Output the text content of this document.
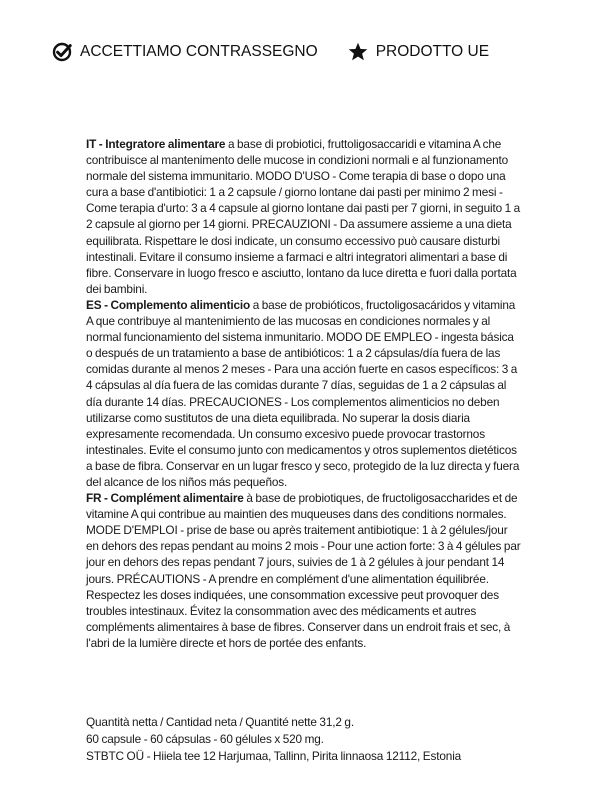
ACCETTIAMO CONTRASSEGNO	PRODOTTO UE

IT - Integratore alimentare a base di probiotici, fruttoligosaccaridi e vitamina A che contribuisce al mantenimento delle mucose in condizioni normali e al funzionamento normale del sistema immunitario. MODO D'USO - Come terapia di base o dopo una cura a base d'antibiotici: 1 a 2 capsule / giorno lontane dai pasti per minimo 2 mesi - Come terapia d'urto: 3 a 4 capsule al giorno lontane dai pasti per 7 giorni, in seguito 1 a 2 capsule al giorno per 14 giorni. PRECAUZIONI - Da assumere assieme a una dieta equilibrata. Rispettare le dosi indicate, un consumo eccessivo può causare disturbi intestinali. Evitare il consumo insieme a farmaci e altri integratori alimentari a base di fibre. Conservare in luogo fresco e asciutto, lontano da luce diretta e fuori dalla portata dei bambini.

ES - Complemento alimenticio a base de probióticos, fructoligosacáridos y vitamina A que contribuye al mantenimiento de las mucosas en condiciones normales y al normal funcionamiento del sistema inmunitario. MODO DE EMPLEO - ingesta básica o después de un tratamiento a base de antibióticos: 1 a 2 cápsulas/día fuera de las comidas durante al menos 2 meses - Para una acción fuerte en casos específicos: 3 a 4 cápsulas al día fuera de las comidas durante 7 días, seguidas de 1 a 2 cápsulas al día durante 14 días. PRECAUCIONES - Los complementos alimenticios no deben utilizarse como sustitutos de una dieta equilibrada. No superar la dosis diaria expresamente recomendada. Un consumo excesivo puede provocar trastornos intestinales. Evite el consumo junto con medicamentos y otros suplementos dietéticos a base de fibra. Conservar en un lugar fresco y seco, protegido de la luz directa y fuera del alcance de los niños más pequeños.

FR - Complément alimentaire à base de probiotiques, de fructoligosaccharides et de vitamine A qui contribue au maintien des muqueuses dans des conditions normales. MODE D'EMPLOI - prise de base ou après traitement antibiotique: 1 à 2 gélules/jour en dehors des repas pendant au moins 2 mois - Pour une action forte: 3 à 4 gélules par jour en dehors des repas pendant 7 jours, suivies de 1 à 2 gélules à jour pendant 14 jours. PRÉCAUTIONS - A prendre en complément d'une alimentation équilibrée. Respectez les doses indiquées, une consommation excessive peut provoquer des troubles intestinaux. Évitez la consommation avec des médicaments et autres compléments alimentaires à base de fibres. Conserver dans un endroit frais et sec, à l'abri de la lumière directe et hors de portée des enfants.

Quantità netta / Cantidad neta / Quantité nette 31,2 g.
60 capsule - 60 cápsulas - 60 gélules x 520 mg.
STBTC OÜ - Hiiela tee 12 Harjumaa, Tallinn, Pirita linnaosa 12112, Estonia
